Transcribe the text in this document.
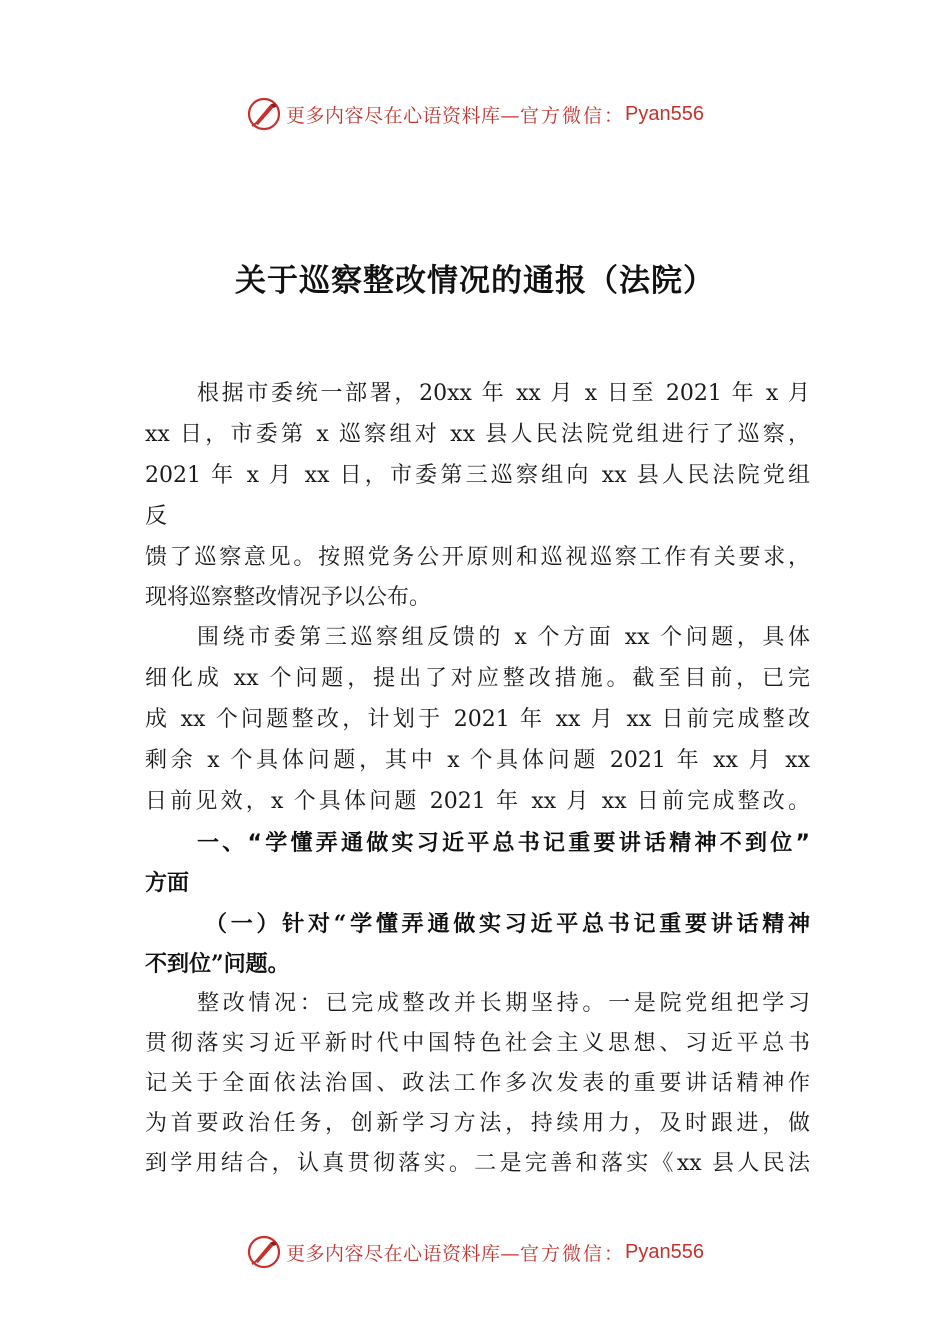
更多内容尽在心语资料库— 官方微信： Pyan556
关于巡察整改情况的通报（法院）
根据市委统一部署，20xx 年 xx 月 x 日至 2021 年 x 月
xx 日，市委第 x 巡察组对 xx 县人民法院党组进行了巡察，
2021 年 x 月 xx 日，市委第三巡察组向 xx 县人民法院党组
反
馈了巡察意见。按照党务公开原则和巡视巡察工作有关要求，
现将巡察整改情况予以公布。
围绕市委第三巡察组反馈的 x 个方面 xx 个问题，具体
细化成 xx 个问题，提出了对应整改措施。截至目前，已完
成 xx 个问题整改，计划于 2021 年 xx 月 xx 日前完成整改
剩余 x 个具体问题，其中 x 个具体问题 2021 年 xx 月 xx
日前见效，x 个具体问题 2021 年 xx 月 xx 日前完成整改。
一、“学懂弄通做实习近平总书记重要讲话精神不到位”
方面
（一）针对“学懂弄通做实习近平总书记重要讲话精神
不到位”问题。
整改情况：已完成整改并长期坚持。一是院党组把学习
贯彻落实习近平新时代中国特色社会主义思想、习近平总书
记关于全面依法治国、政法工作多次发表的重要讲话精神作
为首要政治任务，创新学习方法，持续用力，及时跟进，做
到学用结合，认真贯彻落实。二是完善和落实《xx 县人民法
更多内容尽在心语资料库— 官方微信： Pyan556
